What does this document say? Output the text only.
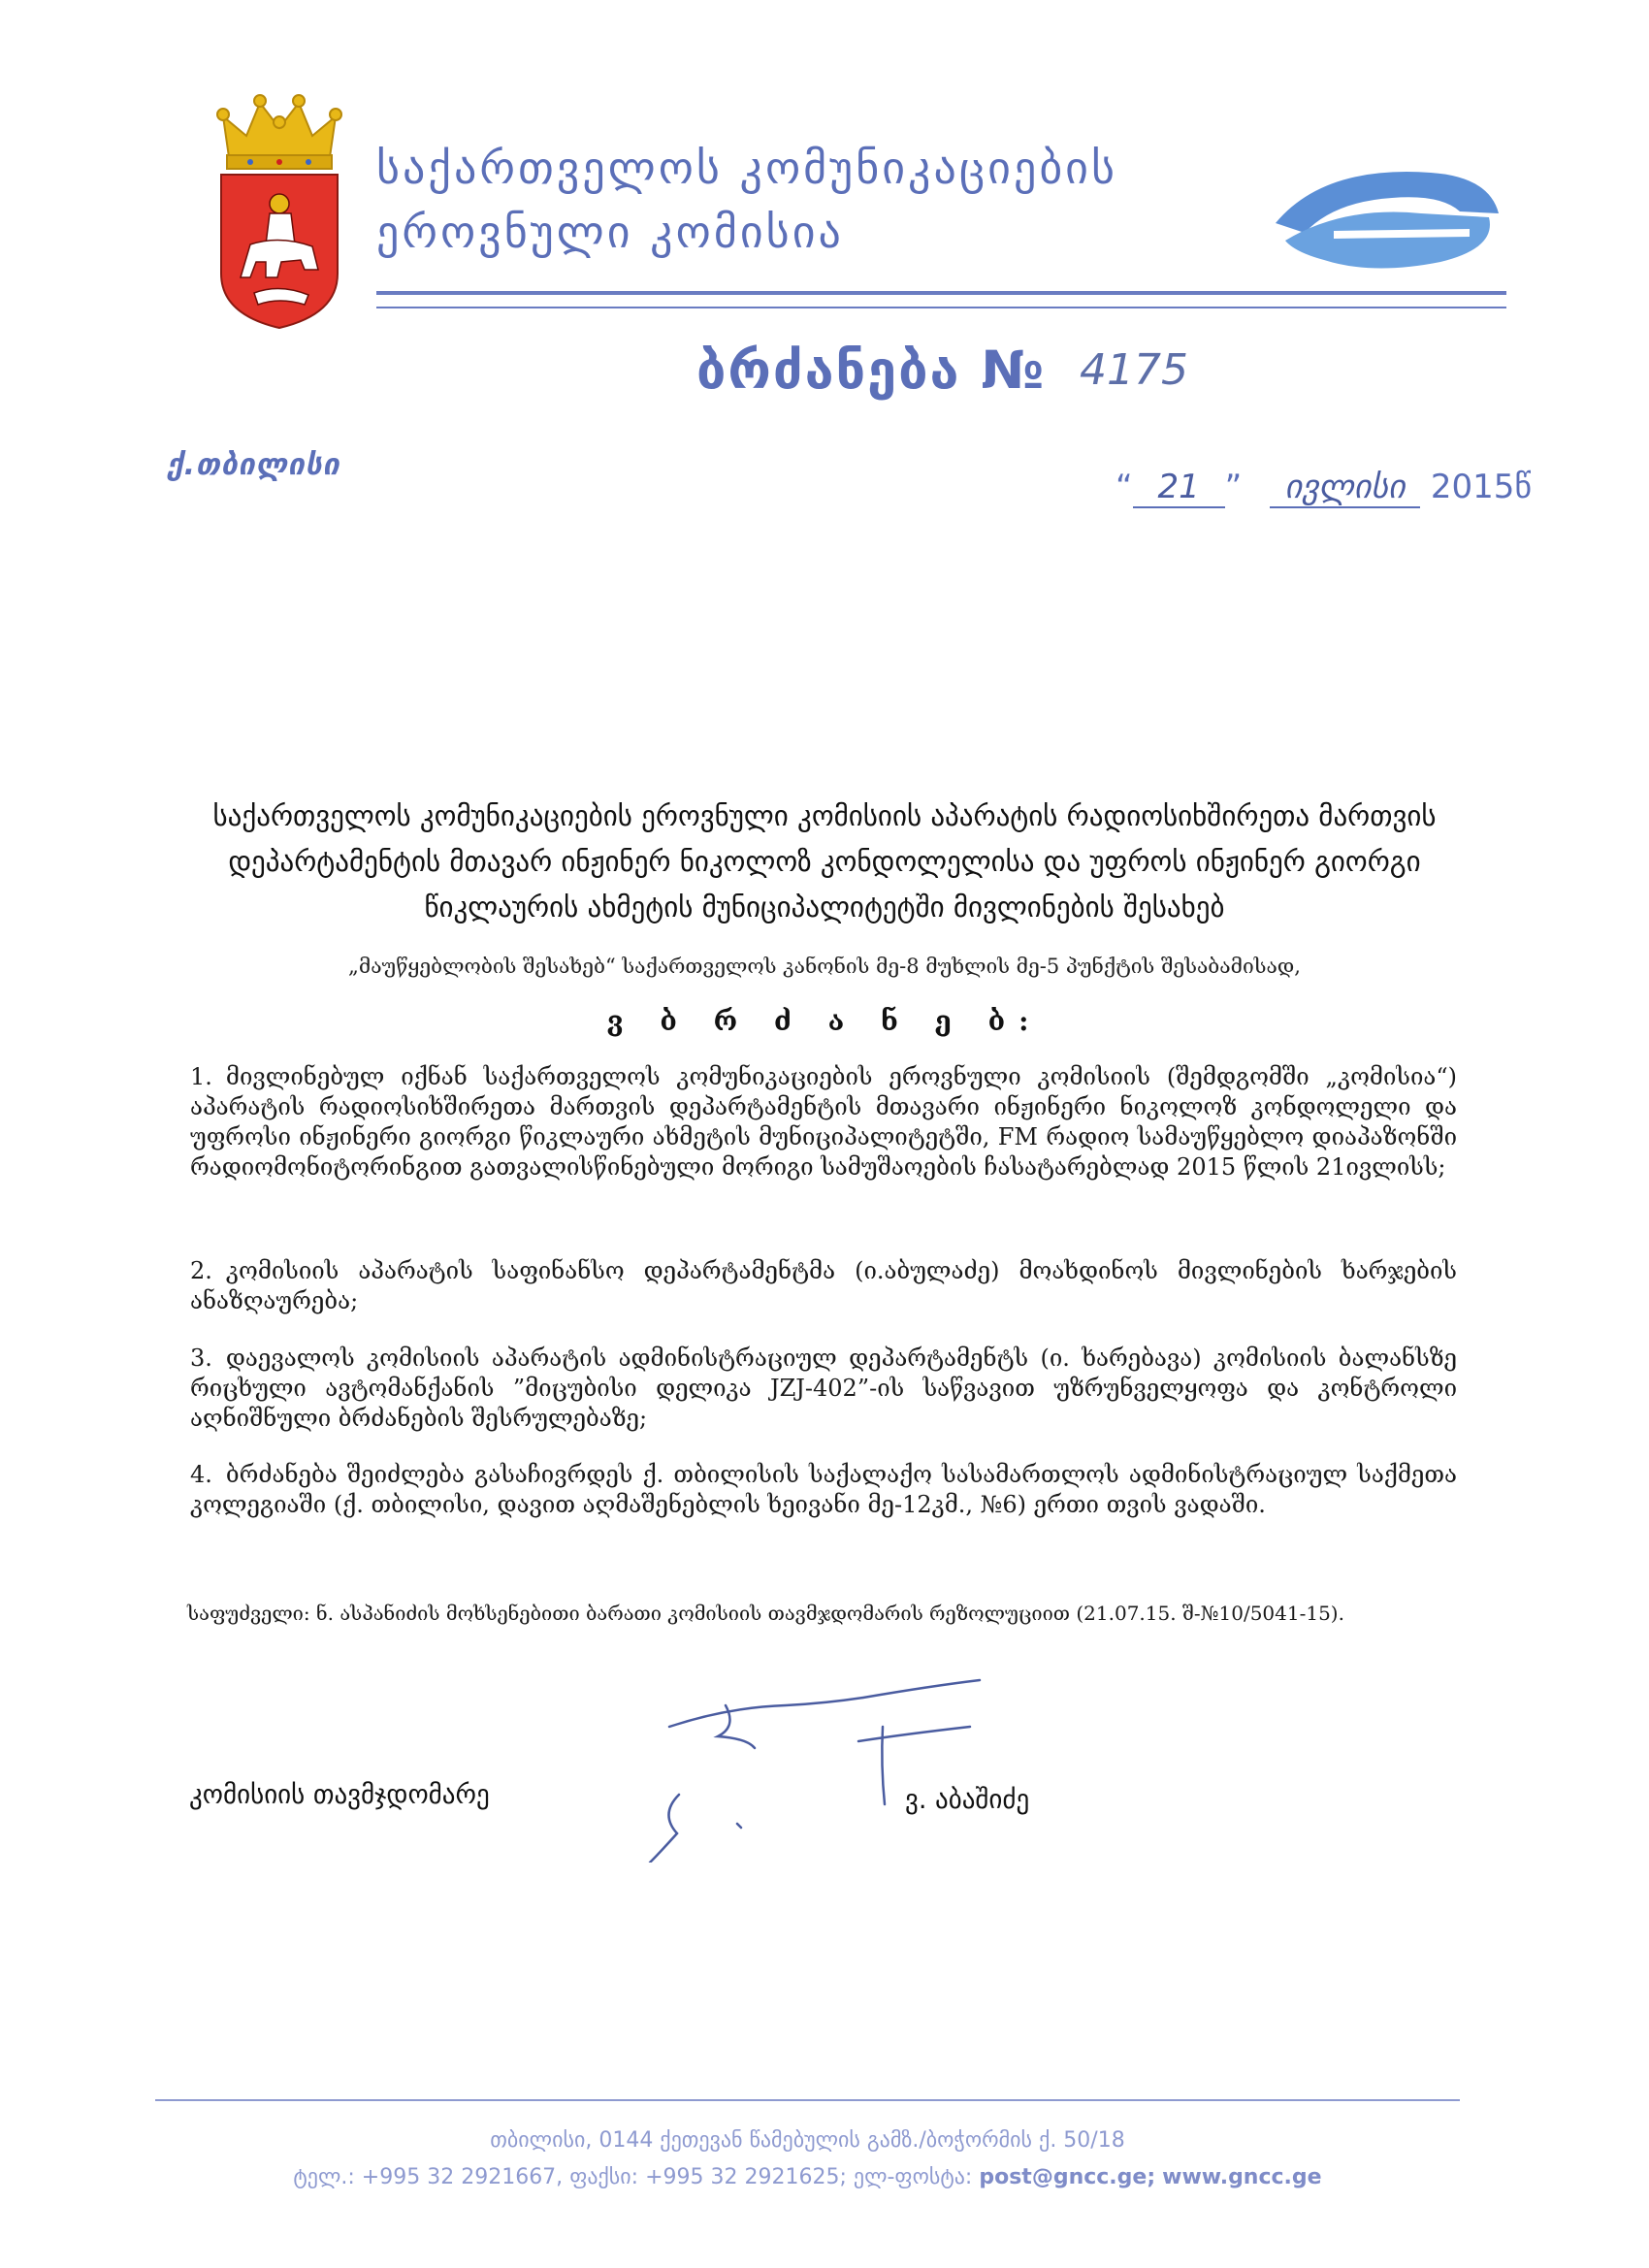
საქართველოს კომუნიკაციების
ეროვნული კომისია
ბრძანება № 4175
ქ.თბილისი
“ 21 ” ივლისი 2015წ
საქართველოს კომუნიკაციების ეროვნული კომისიის აპარატის რადიოსიხშირეთა მართვის
დეპარტამენტის მთავარ ინჟინერ ნიკოლოზ კონდოლელისა და უფროს ინჟინერ გიორგი
წიკლაურის ახმეტის მუნიციპალიტეტში მივლინების შესახებ
„მაუწყებლობის შესახებ“ საქართველოს კანონის მე-8 მუხლის მე-5 პუნქტის შესაბამისად,
ვ ბ რ ძ ა ნ ე ბ:

1. მივლინებულ იქნან საქართველოს კომუნიკაციების ეროვნული კომისიის (შემდგომში „კომისია“) აპარატის რადიოსიხშირეთა მართვის დეპარტამენტის მთავარი ინჟინერი ნიკოლოზ კონდოლელი და უფროსი ინჟინერი გიორგი წიკლაური ახმეტის მუნიციპალიტეტში, FM რადიო სამაუწყებლო დიაპაზონში რადიომონიტორინგით გათვალისწინებული მორიგი სამუშაოების ჩასატარებლად 2015 წლის 21ივლისს;

2. კომისიის აპარატის საფინანსო დეპარტამენტმა (ი.აბულაძე) მოახდინოს მივლინების ხარჯების ანაზღაურება;

3. დაევალოს კომისიის აპარატის ადმინისტრაციულ დეპარტამენტს (ი. ხარებავა) კომისიის ბალანსზე რიცხული ავტომანქანის ”მიცუბისი დელიკა JZJ-402”-ის საწვავით უზრუნველყოფა და კონტროლი აღნიშნული ბრძანების შესრულებაზე;

4. ბრძანება შეიძლება გასაჩივრდეს ქ. თბილისის საქალაქო სასამართლოს ადმინისტრაციულ საქმეთა კოლეგიაში (ქ. თბილისი, დავით აღმაშენებლის ხეივანი მე-12კმ., №6) ერთი თვის ვადაში.

საფუძველი: ნ. ასპანიძის მოხსენებითი ბარათი კომისიის თავმჯდომარის რეზოლუციით (21.07.15. შ-№10/5041-15).
კომისიის თავმჯდომარე	ვ. აბაშიძე
თბილისი, 0144 ქეთევან წამებულის გამზ./ბოჭორმის ქ. 50/18
ტელ.: +995 32 2921667, ფაქსი: +995 32 2921625; ელ-ფოსტა: post@gncc.ge; www.gncc.ge
